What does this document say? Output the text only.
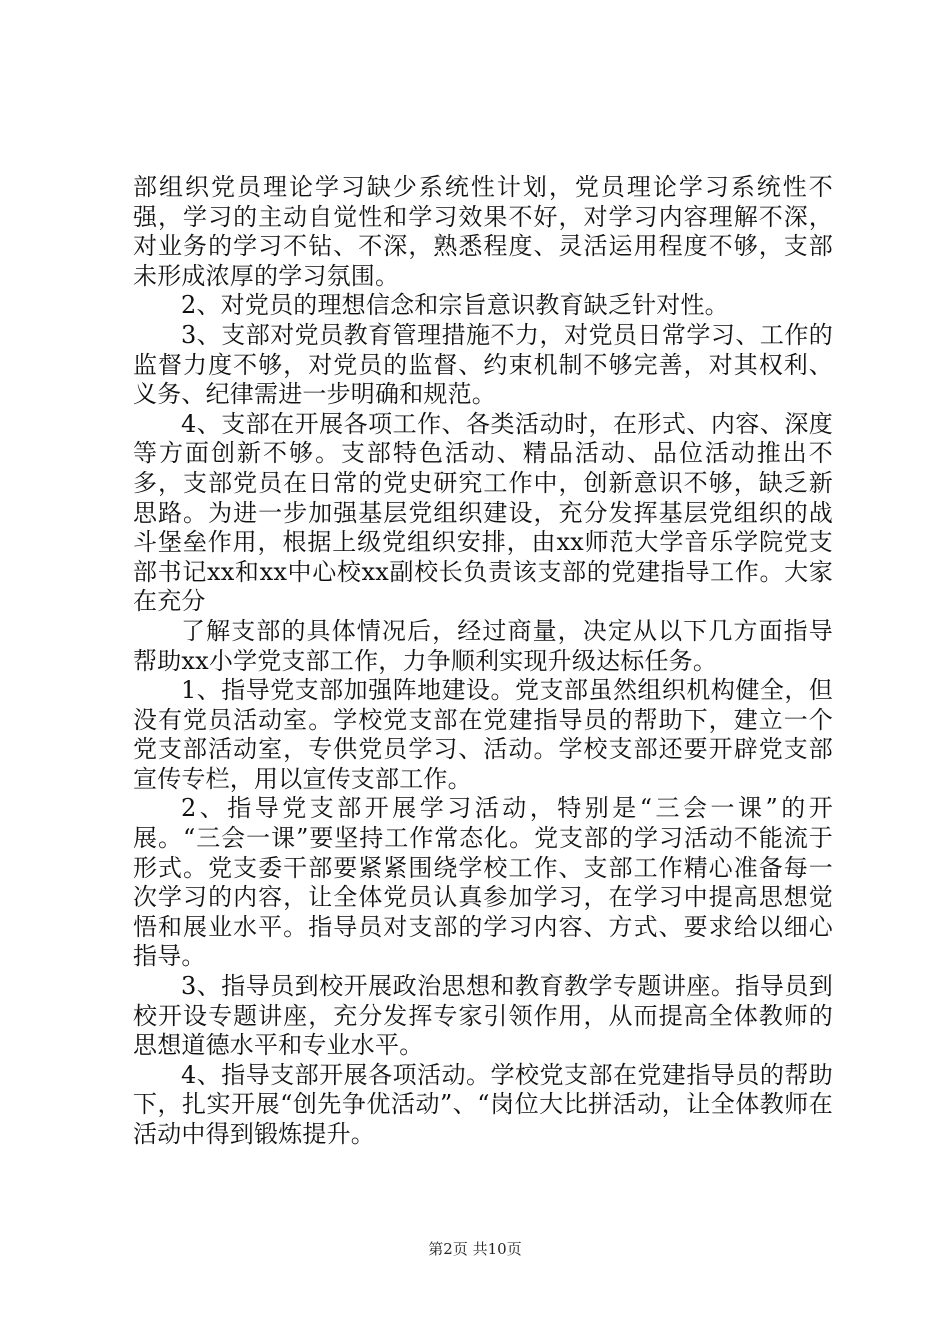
部组织党员理论学习缺少系统性计划，党员理论学习系统性不强，学习的主动自觉性和学习效果不好，对学习内容理解不深，对业务的学习不钻、不深，熟悉程度、灵活运用程度不够，支部未形成浓厚的学习氛围。

2、对党员的理想信念和宗旨意识教育缺乏针对性。

3、支部对党员教育管理措施不力，对党员日常学习、工作的监督力度不够，对党员的监督、约束机制不够完善，对其权利、义务、纪律需进一步明确和规范。

4、支部在开展各项工作、各类活动时，在形式、内容、深度等方面创新不够。支部特色活动、精品活动、品位活动推出不多，支部党员在日常的党史研究工作中，创新意识不够，缺乏新思路。为进一步加强基层党组织建设，充分发挥基层党组织的战斗堡垒作用，根据上级党组织安排，由xx师范大学音乐学院党支部书记xx和xx中心校xx副校长负责该支部的党建指导工作。大家在充分

了解支部的具体情况后，经过商量，决定从以下几方面指导帮助xx小学党支部工作，力争顺利实现升级达标任务。

1、指导党支部加强阵地建设。党支部虽然组织机构健全，但没有党员活动室。学校党支部在党建指导员的帮助下，建立一个党支部活动室，专供党员学习、活动。学校支部还要开辟党支部宣传专栏，用以宣传支部工作。

2、指导党支部开展学习活动，特别是“三会一课”的开展。“三会一课”要坚持工作常态化。党支部的学习活动不能流于形式。党支委干部要紧紧围绕学校工作、支部工作精心准备每一次学习的内容，让全体党员认真参加学习，在学习中提高思想觉悟和展业水平。指导员对支部的学习内容、方式、要求给以细心指导。

3、指导员到校开展政治思想和教育教学专题讲座。指导员到校开设专题讲座，充分发挥专家引领作用，从而提高全体教师的思想道德水平和专业水平。

4、指导支部开展各项活动。学校党支部在党建指导员的帮助下，扎实开展“创先争优活动”、“岗位大比拼活动，让全体教师在活动中得到锻炼提升。

第2页 共10页
